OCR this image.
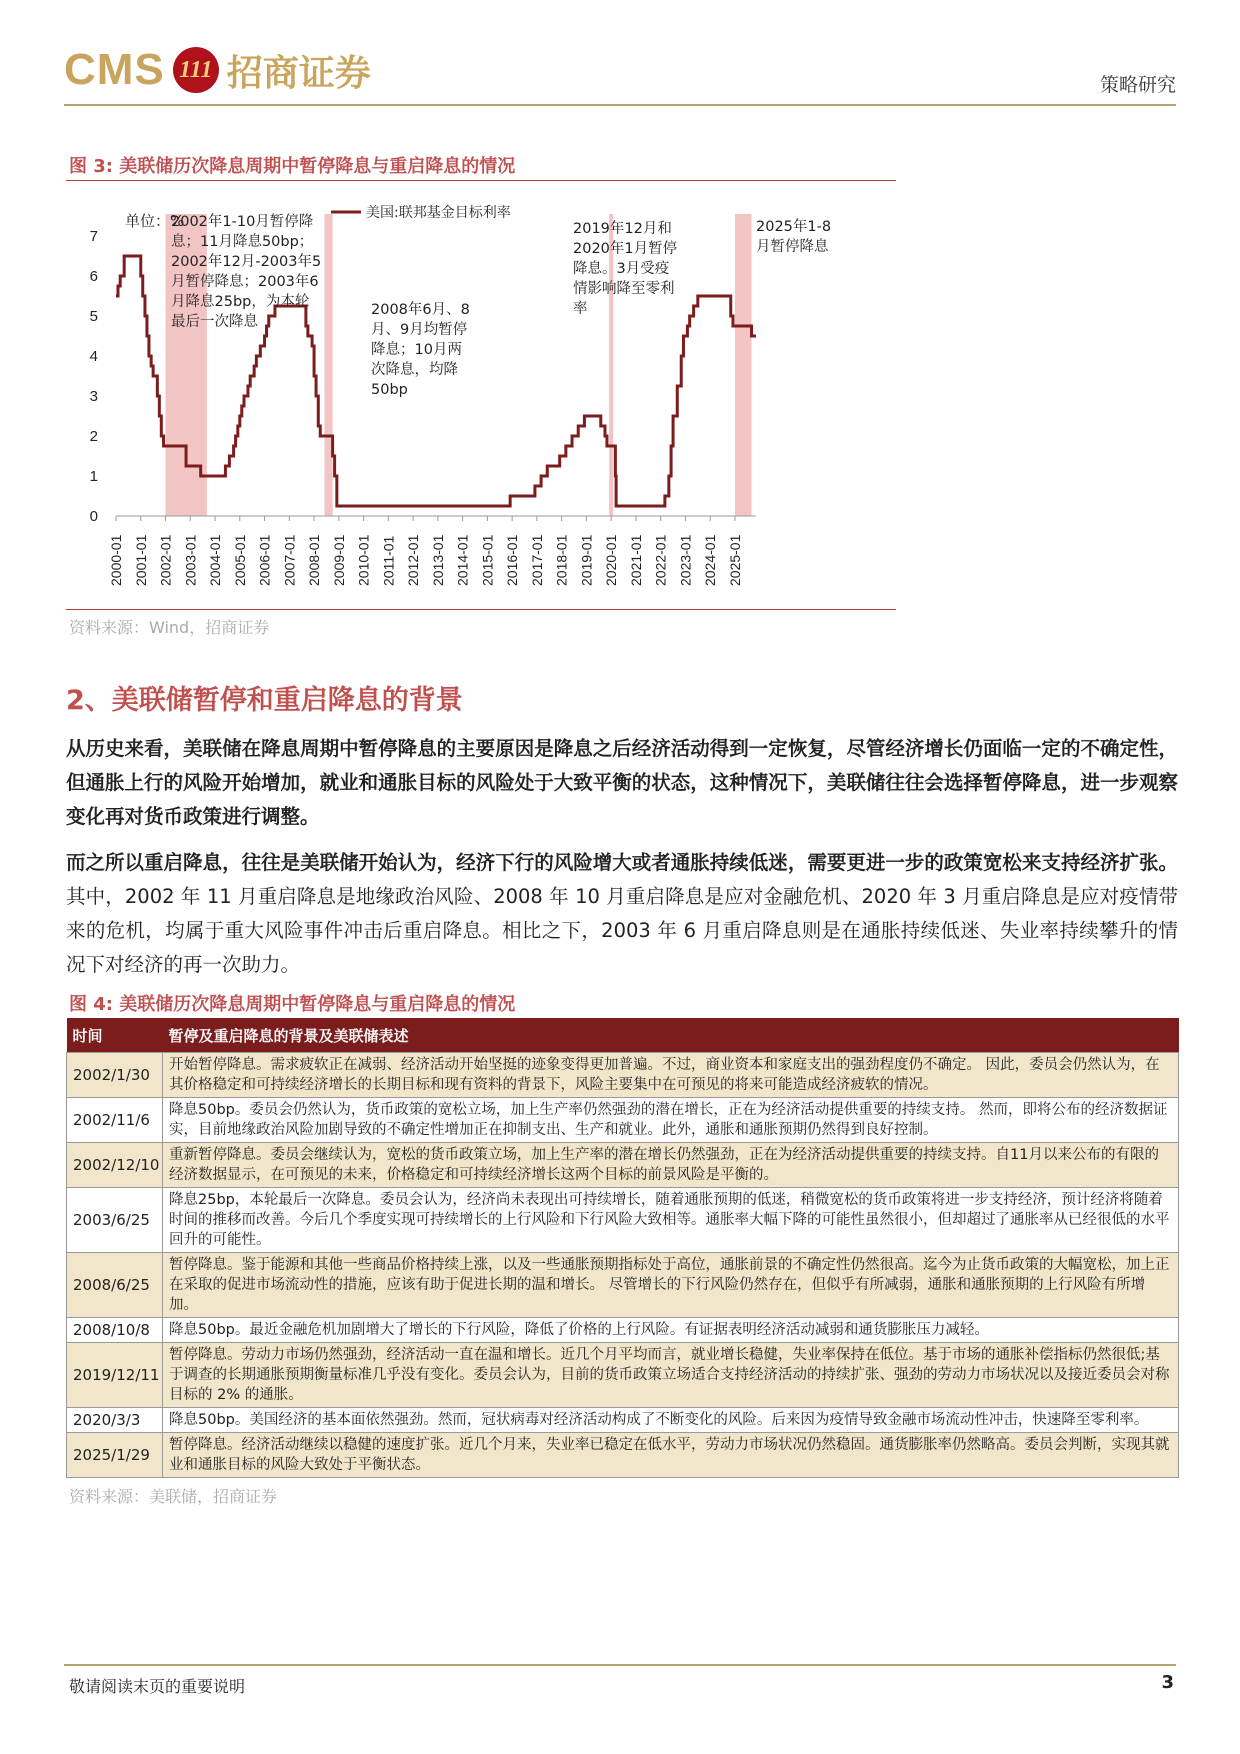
CMS 111 招商证券	策略研究
图 3: 美联储历次降息周期中暂停降息与重启降息的情况
0
1
2
3
4
5
6
7
2000-01 2001-01 2002-01 2003-01 2004-01 2005-01 2006-01 2007-01 2008-01 2009-01 2010-01 2011-01 2012-01 2013-01 2014-01 2015-01 2016-01 2017-01 2018-01 2019-01 2020-01 2021-01 2022-01 2023-01 2024-01 2025-01
单位：%	美国:联邦基金目标利率
2002年1-10月暂停降息；11月降息50bp； 2002年12月-2003年5 月暂停降息；2003年6 月降息25bp，为本轮最后一次降息
2008年6月、8 月、9月均暂停降息；10月两次降息，均降 50bp
2019年12月和 2020年1月暂停降息。3月受疫情影响降至零利率
2025年1-8 月暂停降息
资料来源：Wind，招商证券
2、美联储暂停和重启降息的背景
从历史来看，美联储在降息周期中暂停降息的主要原因是降息之后经济活动得到一定恢复，尽管经济增长仍面临一定的不确定性，但通胀上行的风险开始增加，就业和通胀目标的风险处于大致平衡的状态，这种情况下，美联储往往会选择暂停降息，进一步观察变化再对货币政策进行调整。
而之所以重启降息，往往是美联储开始认为，经济下行的风险增大或者通胀持续低迷，需要更进一步的政策宽松来支持经济扩张。其中，2002 年 11 月重启降息是地缘政治风险、2008 年 10 月重启降息是应对金融危机、2020 年 3 月重启降息是应对疫情带来的危机，均属于重大风险事件冲击后重启降息。相比之下，2003 年 6 月重启降息则是在通胀持续低迷、失业率持续攀升的情况下对经济的再一次助力。
图 4: 美联储历次降息周期中暂停降息与重启降息的情况
时间	暂停及重启降息的背景及美联储表述
2002/1/30	开始暂停降息。需求疲软正在减弱、经济活动开始坚挺的迹象变得更加普遍。不过，商业资本和家庭支出的强劲程度仍不确定。 因此，委员会仍然认为，在其价格稳定和可持续经济增长的长期目标和现有资料的背景下，风险主要集中在可预见的将来可能造成经济疲软的情况。
2002/11/6	降息50bp。委员会仍然认为，货币政策的宽松立场，加上生产率仍然强劲的潜在增长，正在为经济活动提供重要的持续支持。 然而，即将公布的经济数据证实，目前地缘政治风险加剧导致的不确定性增加正在抑制支出、生产和就业。此外，通胀和通胀预期仍然得到良好控制。
2002/12/10	重新暂停降息。委员会继续认为，宽松的货币政策立场，加上生产率的潜在增长仍然强劲，正在为经济活动提供重要的持续支持。自11月以来公布的有限的经济数据显示，在可预见的未来，价格稳定和可持续经济增长这两个目标的前景风险是平衡的。
2003/6/25	降息25bp，本轮最后一次降息。委员会认为，经济尚未表现出可持续增长，随着通胀预期的低迷，稍微宽松的货币政策将进一步支持经济，预计经济将随着时间的推移而改善。今后几个季度实现可持续增长的上行风险和下行风险大致相等。通胀率大幅下降的可能性虽然很小，但却超过了通胀率从已经很低的水平回升的可能性。
2008/6/25	暂停降息。鉴于能源和其他一些商品价格持续上涨，以及一些通胀预期指标处于高位，通胀前景的不确定性仍然很高。迄今为止货币政策的大幅宽松，加上正在采取的促进市场流动性的措施，应该有助于促进长期的温和增长。 尽管增长的下行风险仍然存在，但似乎有所减弱，通胀和通胀预期的上行风险有所增加。
2008/10/8	降息50bp。最近金融危机加剧增大了增长的下行风险，降低了价格的上行风险。有证据表明经济活动减弱和通货膨胀压力减轻。
2019/12/11	暂停降息。劳动力市场仍然强劲，经济活动一直在温和增长。近几个月平均而言，就业增长稳健，失业率保持在低位。基于市场的通胀补偿指标仍然很低;基于调查的长期通胀预期衡量标准几乎没有变化。委员会认为，目前的货币政策立场适合支持经济活动的持续扩张、强劲的劳动力市场状况以及接近委员会对称目标的 2% 的通胀。
2020/3/3	降息50bp。美国经济的基本面依然强劲。然而，冠状病毒对经济活动构成了不断变化的风险。后来因为疫情导致金融市场流动性冲击，快速降至零利率。
2025/1/29	暂停降息。经济活动继续以稳健的速度扩张。近几个月来，失业率已稳定在低水平，劳动力市场状况仍然稳固。通货膨胀率仍然略高。委员会判断，实现其就业和通胀目标的风险大致处于平衡状态。
资料来源：美联储，招商证券
敬请阅读末页的重要说明	3
